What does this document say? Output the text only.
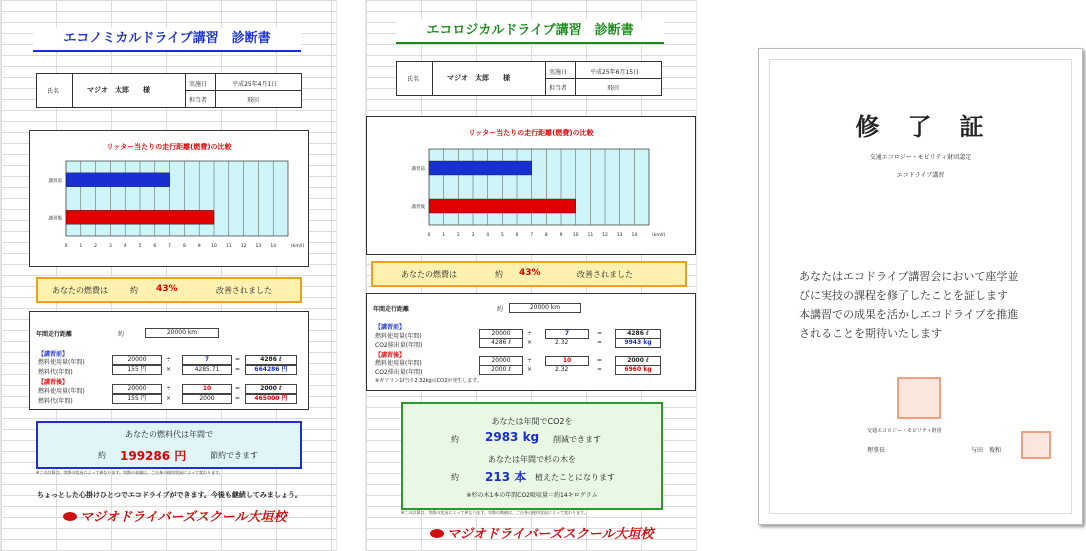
エコノミカルドライブ講習　診断書
氏名	マジオ　太郎　　様
実施日	平成25年4月1日
担当者	飛田
リッター当たりの走行距離(燃費)の比較
0	1	2	3	4	5	6	7	8	9 10 11 12 13 14	(km/l)
講習前
講習後
あなたの燃費は	約 43%	改善されました
年間走行距離	約	20000 km
【講習前】
燃料使用量(年間)	20000	÷	7	=	4286 ℓ
燃料代(年間)	155 円	×	4285.71	=	664286 円
【講習後】
燃料使用量(年間)	20000	÷	10	=	2000 ℓ
燃料代(年間)	155 円	×	2000	=	465000 円
あなたの燃料代は年間で
約 199286 円	節約できます
※この計算は、実際の状況によって異なります。実際の金額は、ご自身の使用状況によって変わります。
ちょっとした心掛けひとつでエコドライブができます。今後も継続してみましょう。
マジオドライバーズスクール大垣校
エコロジカルドライブ講習　診断書
氏名	マジオ　太郎　　様
実施日	平成25年6月15日
担当者	飛田
リッター当たりの走行距離(燃費)の比較
0	1	2	3	4	5	6	7	8	9 10 11 12 13 14	(km/l)
講習前
講習後
あなたの燃費は	約 43%	改善されました
年間走行距離	約	20000 km
【講習前】
燃料使用量(年間)	20000	÷	7	=	4286 ℓ
CO2排出量(年間)	4286 ℓ	×	2.32	=	9943 kg
【講習後】
燃料使用量(年間)	20000	÷	10	=	2000 ℓ
CO2排出量(年間)	2000 ℓ	×	2.32	=	6960 kg
※ガソリン1ℓ当り2.32kgのCO2が発生します。
あなたは年間でCO2を
約 2983 kg 削減できます
あなたは年間で杉の木を
約 213 本 植えたことになります
※杉の木1本の年間CO2吸収量＝約14キログラム
※この計算は、実際の状況によって異なります。実際の数値は、ご自身の使用状況によって変わります。
マジオドライバーズスクール大垣校
修　了　証
交通エコロジー・モビリティ財団認定
エコドライブ講習
あなたはエコドライブ講習会において座学並
びに実技の課程を修了したことを証します
本講習での成果を活かしエコドライブを推進
されることを期待いたします
交通エコロジー・モビリティ財団
理事長	与田　俊和
